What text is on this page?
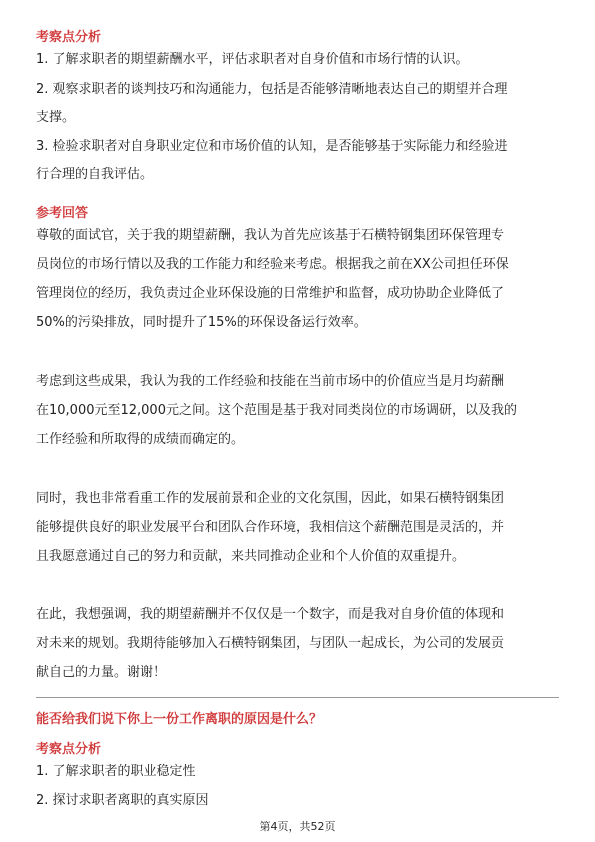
考察点分析
1. 了解求职者的期望薪酬水平，评估求职者对自身价值和市场行情的认识。
2. 观察求职者的谈判技巧和沟通能力，包括是否能够清晰地表达自己的期望并合理
支撑。
3. 检验求职者对自身职业定位和市场价值的认知，是否能够基于实际能力和经验进
行合理的自我评估。
参考回答
尊敬的面试官，关于我的期望薪酬，我认为首先应该基于石横特钢集团环保管理专
员岗位的市场行情以及我的工作能力和经验来考虑。根据我之前在XX公司担任环保
管理岗位的经历，我负责过企业环保设施的日常维护和监督，成功协助企业降低了
50%的污染排放，同时提升了15%的环保设备运行效率。
考虑到这些成果，我认为我的工作经验和技能在当前市场中的价值应当是月均薪酬
在10,000元至12,000元之间。这个范围是基于我对同类岗位的市场调研，以及我的
工作经验和所取得的成绩而确定的。
同时，我也非常看重工作的发展前景和企业的文化氛围，因此，如果石横特钢集团
能够提供良好的职业发展平台和团队合作环境，我相信这个薪酬范围是灵活的，并
且我愿意通过自己的努力和贡献，来共同推动企业和个人价值的双重提升。
在此，我想强调，我的期望薪酬并不仅仅是一个数字，而是我对自身价值的体现和
对未来的规划。我期待能够加入石横特钢集团，与团队一起成长，为公司的发展贡
献自己的力量。谢谢！
能否给我们说下你上一份工作离职的原因是什么？
考察点分析
1. 了解求职者的职业稳定性
2. 探讨求职者离职的真实原因
第4页，共52页
